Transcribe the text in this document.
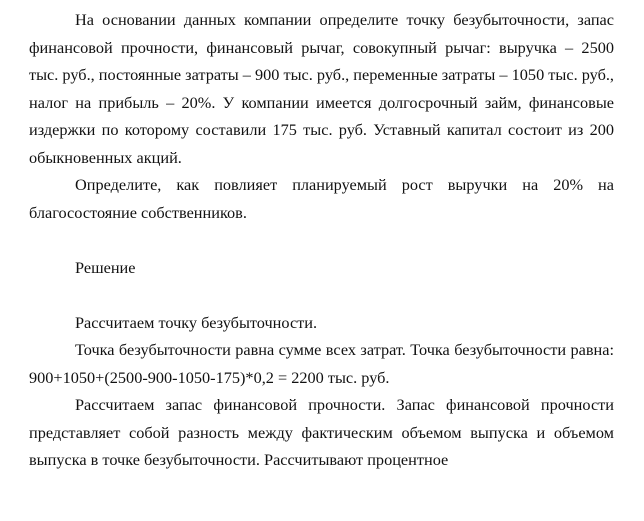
На основании данных компании определите точку безубыточности, запас финансовой прочности, финансовый рычаг, совокупный рычаг: выручка – 2500 тыс. руб., постоянные затраты – 900 тыс. руб., переменные затраты – 1050 тыс. руб., налог на прибыль – 20%. У компании имеется долгосрочный займ, финансовые издержки по которому составили 175 тыс. руб. Уставный капитал состоит из 200 обыкновенных акций.

Определите, как повлияет планируемый рост выручки на 20% на благосостояние собственников.

Решение

Рассчитаем точку безубыточности.

Точка безубыточности равна сумме всех затрат. Точка безубыточности равна: 900+1050+(2500-900-1050-175)*0,2 = 2200 тыс. руб.

Рассчитаем запас финансовой прочности. Запас финансовой прочности представляет собой разность между фактическим объемом выпуска и объемом выпуска в точке безубыточности. Рассчитывают процентное
